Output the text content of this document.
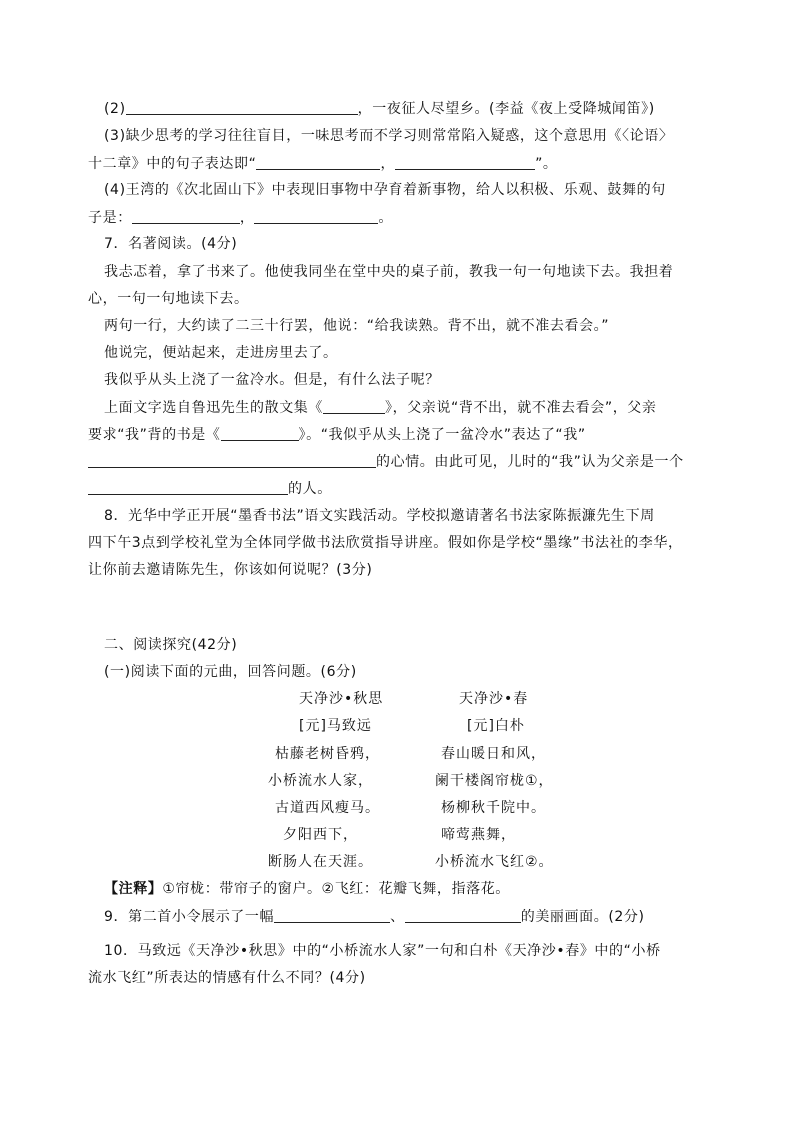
(2)	，一夜征人尽望乡。(李益《夜上受降城闻笛》)
(3)缺少思考的学习往往盲目，一味思考而不学习则常常陷入疑惑，这个意思用《〈论语〉
十二章》中的句子表达即“	，	”。
(4)王湾的《次北固山下》中表现旧事物中孕育着新事物，给人以积极、乐观、鼓舞的句
子是：	，	。
7．名著阅读。(4分)
我忐忑着，拿了书来了。他使我同坐在堂中央的桌子前，教我一句一句地读下去。我担着
心，一句一句地读下去。
两句一行，大约读了二三十行罢，他说：“给我读熟。背不出，就不准去看会。”
他说完，便站起来，走进房里去了。
我似乎从头上浇了一盆冷水。但是，有什么法子呢？
上面文字选自鲁迅先生的散文集《	》，父亲说“背不出，就不准去看会”，父亲
要求“我”背的书是《	》。“我似乎从头上浇了一盆冷水”表达了“我”
的心情。由此可见，儿时的“我”认为父亲是一个
的人。
8．光华中学正开展“墨香书法”语文实践活动。学校拟邀请著名书法家陈振濂先生下周
四下午3点到学校礼堂为全体同学做书法欣赏指导讲座。假如你是学校“墨缘”书法社的李华，
让你前去邀请陈先生，你该如何说呢？(3分)
二、阅读探究(42分)
(一)阅读下面的元曲，回答问题。(6分)
天净沙•秋思	天净沙•春
[元]马致远	[元]白朴
枯藤老树昏鸦，	春山暖日和风，
小桥流水人家，	阑干楼阁帘栊①，
古道西风瘦马。	杨柳秋千院中。
夕阳西下，	啼莺燕舞，
断肠人在天涯。	小桥流水飞红②。
【注释】①帘栊：带帘子的窗户。②飞红：花瓣飞舞，指落花。
9．第二首小令展示了一幅	、	的美丽画面。(2分)
10．马致远《天净沙•秋思》中的“小桥流水人家”一句和白朴《天净沙•春》中的“小桥
流水飞红”所表达的情感有什么不同？(4分)
